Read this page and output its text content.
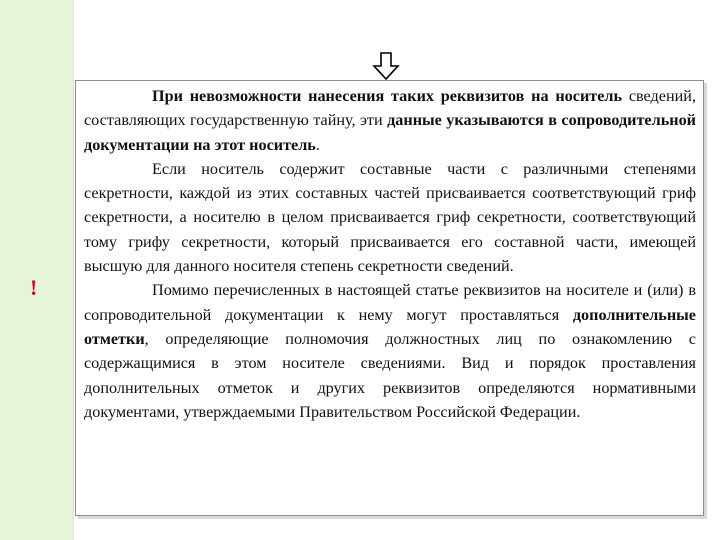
!

При невозможности нанесения таких реквизитов на носитель сведений, составляющих государственную тайну, эти данные указываются в сопроводительной документации на этот носитель.

Если носитель содержит составные части с различными степенями секретности, каждой из этих составных частей присваивается соответствующий гриф секретности, а носителю в целом присваивается гриф секретности, соответствующий тому грифу секретности, который присваивается его составной части, имеющей высшую для данного носителя степень секретности сведений.

Помимо перечисленных в настоящей статье реквизитов на носителе и (или) в сопроводительной документации к нему могут проставляться дополнительные отметки, определяющие полномочия должностных лиц по ознакомлению с содержащимися в этом носителе сведениями. Вид и порядок проставления дополнительных отметок и других реквизитов определяются нормативными документами, утверждаемыми Правительством Российской Федерации.
